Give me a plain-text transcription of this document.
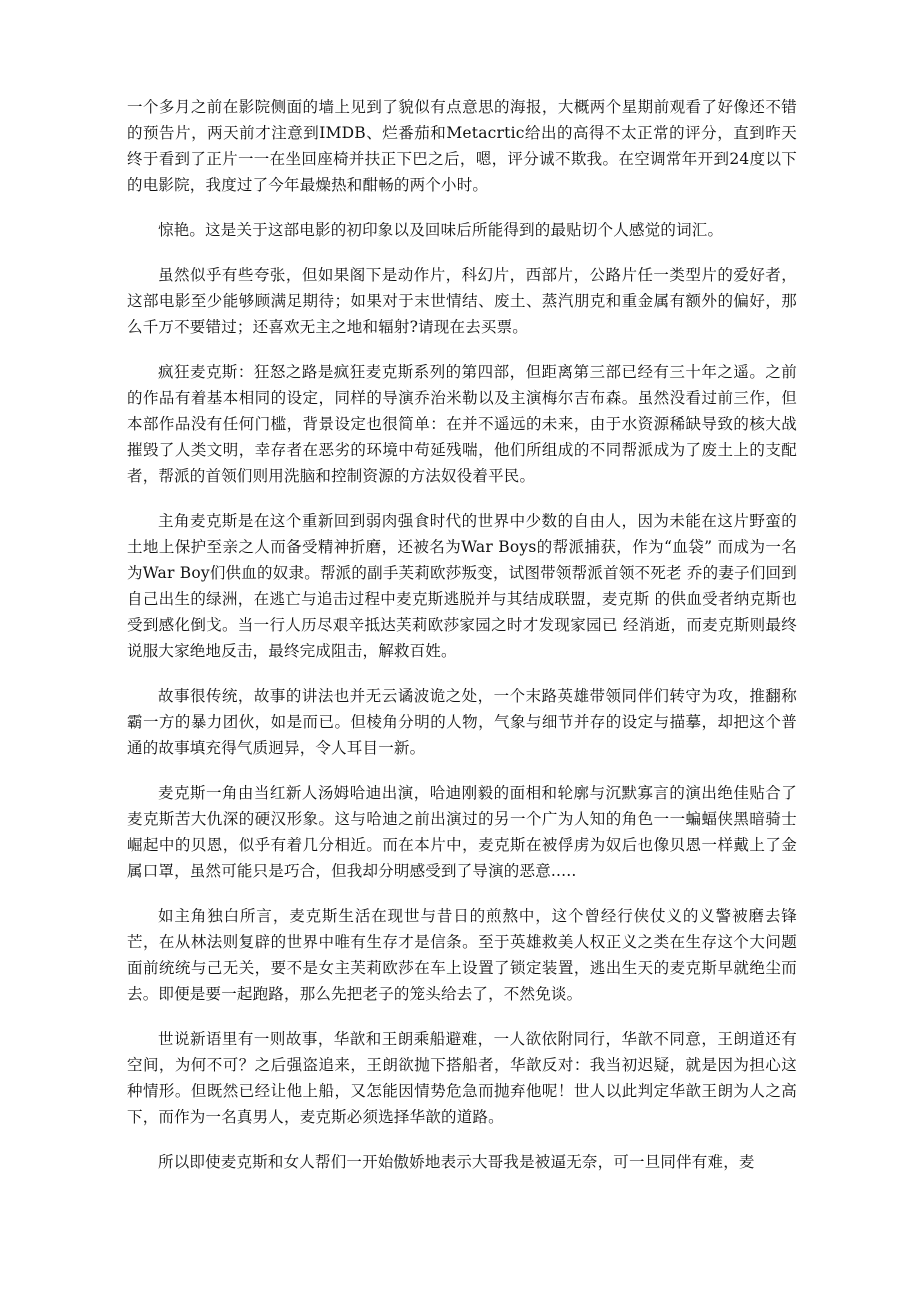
一个多月之前在影院侧面的墙上见到了貌似有点意思的海报，大概两个星期前观看了好像还不错的预告片，两天前才注意到IMDB、烂番茄和Metacrtic给出的高得不太正常的评分，直到昨天终于看到了正片一一在坐回座椅并扶正下巴之后，嗯，评分诚不欺我。在空调常年开到24度以下的电影院，我度过了今年最燥热和酣畅的两个小时。

惊艳。这是关于这部电影的初印象以及回味后所能得到的最贴切个人感觉的词汇。

虽然似乎有些夸张，但如果阁下是动作片，科幻片，西部片，公路片任一类型片的爱好者，这部电影至少能够顾满足期待；如果对于末世情结、废土、蒸汽朋克和重金属有额外的偏好，那么千万不要错过；还喜欢无主之地和辐射?请现在去买票。

疯狂麦克斯：狂怒之路是疯狂麦克斯系列的第四部，但距离第三部已经有三十年之遥。之前的作品有着基本相同的设定，同样的导演乔治米勒以及主演梅尔吉布森。虽然没看过前三作，但本部作品没有任何门槛，背景设定也很简单：在并不遥远的未来，由于水资源稀缺导致的核大战摧毁了人类文明，幸存者在恶劣的环境中苟延残喘，他们所组成的不同帮派成为了废土上的支配者，帮派的首领们则用洗脑和控制资源的方法奴役着平民。

主角麦克斯是在这个重新回到弱肉强食时代的世界中少数的自由人，因为未能在这片野蛮的土地上保护至亲之人而备受精神折磨，还被名为War Boys的帮派捕获，作为“血袋” 而成为一名为War Boy们供血的奴隶。帮派的副手芙莉欧莎叛变，试图带领帮派首领不死老 乔的妻子们回到自己出生的绿洲，在逃亡与追击过程中麦克斯逃脱并与其结成联盟，麦克斯 的供血受者纳克斯也受到感化倒戈。当一行人历尽艰辛抵达芙莉欧莎家园之时才发现家园已 经消逝，而麦克斯则最终说服大家绝地反击，最终完成阻击，解救百姓。

故事很传统，故事的讲法也并无云谲波诡之处，一个末路英雄带领同伴们转守为攻，推翻称霸一方的暴力团伙，如是而已。但棱角分明的人物，气象与细节并存的设定与描摹，却把这个普通的故事填充得气质迥异，令人耳目一新。

麦克斯一角由当红新人汤姆哈迪出演，哈迪刚毅的面相和轮廓与沉默寡言的演出绝佳贴合了麦克斯苦大仇深的硬汉形象。这与哈迪之前出演过的另一个广为人知的角色一一蝙蝠侠黑暗骑士崛起中的贝恩，似乎有着几分相近。而在本片中，麦克斯在被俘虏为奴后也像贝恩一样戴上了金属口罩，虽然可能只是巧合，但我却分明感受到了导演的恶意.....

如主角独白所言，麦克斯生活在现世与昔日的煎熬中，这个曾经行侠仗义的义警被磨去锋芒，在从林法则复辟的世界中唯有生存才是信条。至于英雄救美人权正义之类在生存这个大问题面前统统与己无关，要不是女主芙莉欧莎在车上设置了锁定装置，逃出生天的麦克斯早就绝尘而去。即便是要一起跑路，那么先把老子的笼头给去了，不然免谈。

世说新语里有一则故事，华歆和王朗乘船避难，一人欲依附同行，华歆不同意，王朗道还有空间，为何不可？之后强盗追来，王朗欲抛下搭船者，华歆反对：我当初迟疑，就是因为担心这种情形。但既然已经让他上船，又怎能因情势危急而抛弃他呢！世人以此判定华歆王朗为人之高下，而作为一名真男人，麦克斯必须选择华歆的道路。

所以即使麦克斯和女人帮们一开始傲娇地表示大哥我是被逼无奈，可一旦同伴有难，麦
